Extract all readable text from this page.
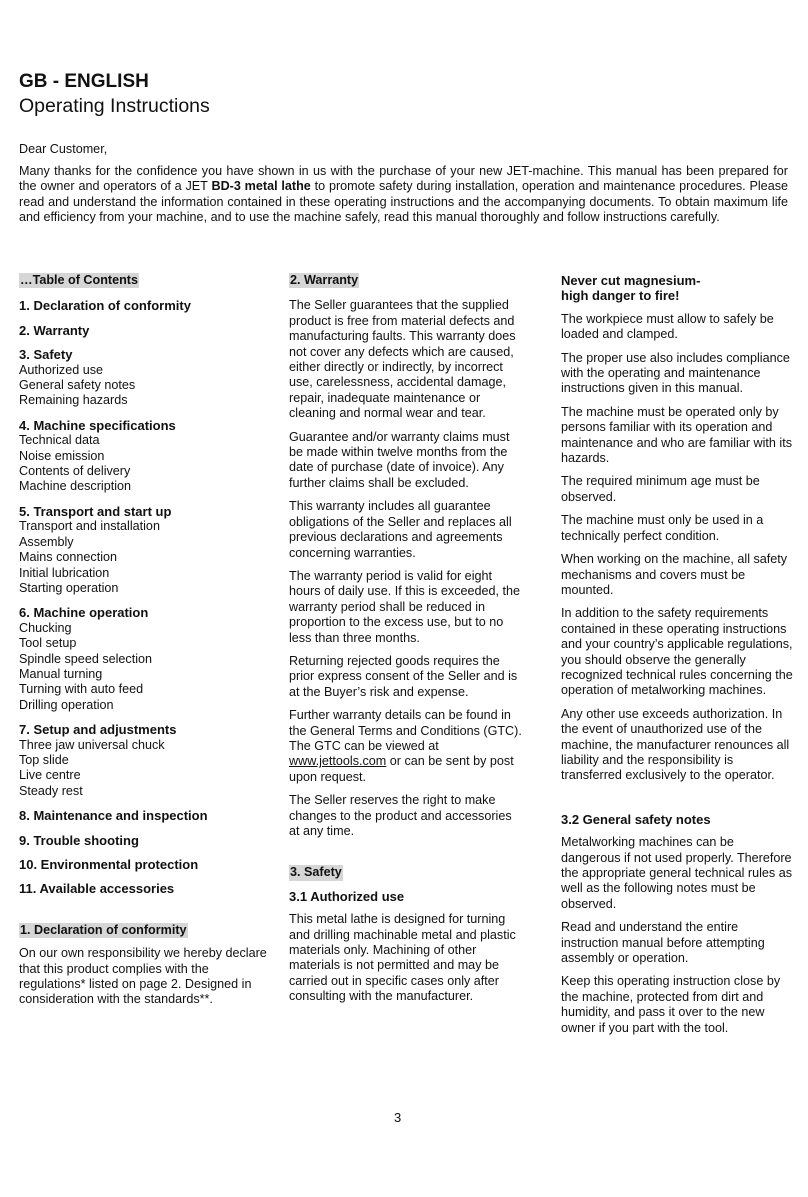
GB - ENGLISH
Operating Instructions

Dear Customer,

Many thanks for the confidence you have shown in us with the purchase of your new JET-machine. This manual has been prepared for the owner and operators of a JET BD-3 metal lathe to promote safety during installation, operation and maintenance procedures. Please read and understand the information contained in these operating instructions and the accompanying documents. To obtain maximum life and efficiency from your machine, and to use the machine safely, read this manual thoroughly and follow instructions carefully.

…Table of Contents

1. Declaration of conformity

2. Warranty

3. Safety

Authorized use

General safety notes

Remaining hazards

4. Machine specifications

Technical data

Noise emission

Contents of delivery

Machine description

5. Transport and start up

Transport and installation

Assembly

Mains connection

Initial lubrication

Starting operation

6. Machine operation

Chucking

Tool setup

Spindle speed selection

Manual turning

Turning with auto feed

Drilling operation

7. Setup and adjustments

Three jaw universal chuck

Top slide

Live centre

Steady rest

8. Maintenance and inspection

9. Trouble shooting

10. Environmental protection

11. Available accessories

1. Declaration of conformity

On our own responsibility we hereby declare that this product complies with the regulations* listed on page 2. Designed in consideration with the standards**.

2. Warranty

The Seller guarantees that the supplied product is free from material defects and manufacturing faults. This warranty does not cover any defects which are caused, either directly or indirectly, by incorrect use, carelessness, accidental damage, repair, inadequate maintenance or cleaning and normal wear and tear.

Guarantee and/or warranty claims must be made within twelve months from the date of purchase (date of invoice). Any further claims shall be excluded.

This warranty includes all guarantee obligations of the Seller and replaces all previous declarations and agreements concerning warranties.

The warranty period is valid for eight hours of daily use. If this is exceeded, the warranty period shall be reduced in proportion to the excess use, but to no less than three months.

Returning rejected goods requires the prior express consent of the Seller and is at the Buyer’s risk and expense.

Further warranty details can be found in the General Terms and Conditions (GTC). The GTC can be viewed at www.jettools.com or can be sent by post upon request.

The Seller reserves the right to make changes to the product and accessories at any time.

3. Safety

3.1 Authorized use

This metal lathe is designed for turning and drilling machinable metal and plastic materials only. Machining of other materials is not permitted and may be carried out in specific cases only after consulting with the manufacturer.

Never cut magnesium-
high danger to fire!

The workpiece must allow to safely be loaded and clamped.

The proper use also includes compliance with the operating and maintenance instructions given in this manual.

The machine must be operated only by persons familiar with its operation and maintenance and who are familiar with its hazards.

The required minimum age must be observed.

The machine must only be used in a technically perfect condition.

When working on the machine, all safety mechanisms and covers must be mounted.

In addition to the safety requirements contained in these operating instructions and your country’s applicable regulations, you should observe the generally recognized technical rules concerning the operation of metalworking machines.

Any other use exceeds authorization. In the event of unauthorized use of the machine, the manufacturer renounces all liability and the responsibility is transferred exclusively to the operator.

3.2 General safety notes

Metalworking machines can be dangerous if not used properly. Therefore the appropriate general technical rules as well as the following notes must be observed.

Read and understand the entire instruction manual before attempting assembly or operation.

Keep this operating instruction close by the machine, protected from dirt and humidity, and pass it over to the new owner if you part with the tool.

3
